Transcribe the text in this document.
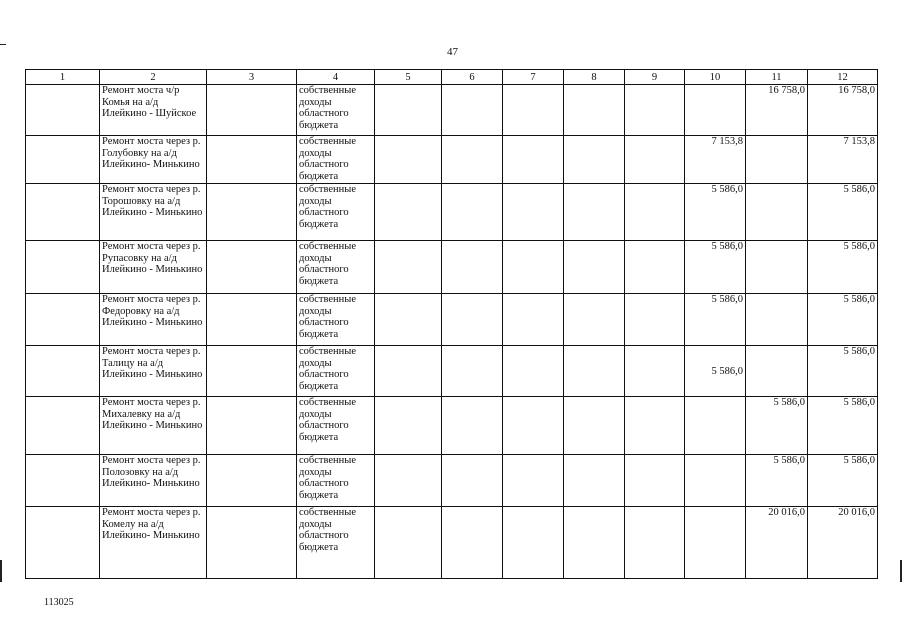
47
1	2	3	4	5	6	7	8	9	10	11	12
	Ремонт моста ч/р Комья на а/д Илейкино - Шуйское		собственные доходы областного бюджета							16 758,0	16 758,0
	Ремонт моста через р. Голубовку на а/д Илейкино- Минькино		собственные доходы областного бюджета						7 153,8		7 153,8
	Ремонт моста через р. Торошовку на а/д Илейкино - Минькино		собственные доходы областного бюджета						5 586,0		5 586,0
	Ремонт моста через р. Рупасовку на а/д Илейкино - Минькино		собственные доходы областного бюджета						5 586,0		5 586,0
	Ремонт моста через р. Федоровку на а/д Илейкино - Минькино		собственные доходы областного бюджета						5 586,0		5 586,0
	Ремонт моста через р. Талицу на а/д Илейкино - Минькино		собственные доходы областного бюджета						5 586,0		5 586,0
	Ремонт моста через р. Михалевку на а/д Илейкино - Минькино		собственные доходы областного бюджета							5 586,0	5 586,0
	Ремонт моста через р. Полозовку на а/д Илейкино- Минькино		собственные доходы областного бюджета							5 586,0	5 586,0
	Ремонт моста через р. Комелу на а/д Илейкино- Минькино		собственные доходы областного бюджета							20 016,0	20 016,0
113025
